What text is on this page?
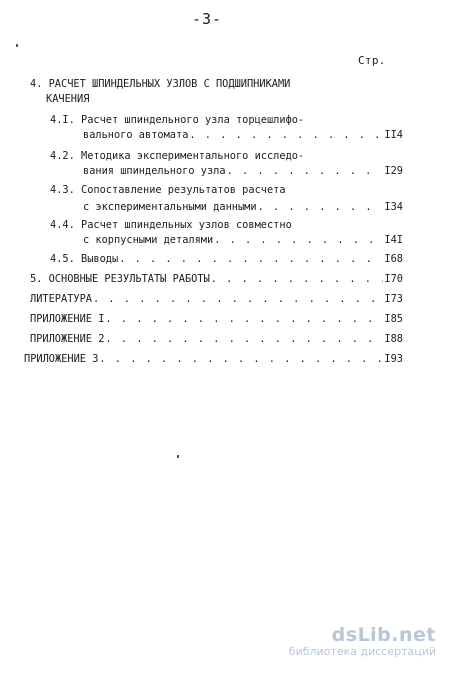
-3-
Стр.
4. РАСЧЕТ ШПИНДЕЛЬНЫХ УЗЛОВ С ПОДШИПНИКАМИ
КАЧЕНИЯ
4.I. Расчет шпиндельного узла торцешлифо-
вального автомата . . .	II4
4.2. Методика экспериментального исследо-
вания шпиндельного узла . . .	I29
4.3. Сопоставление результатов расчета
с экспериментальными данными . . .	I34
4.4. Расчет шпиндельных узлов совместно
с корпусными деталями . . .	I4I
4.5. Выводы . . .	I68
5. ОСНОВНЫЕ РЕЗУЛЬТАТЫ РАБОТЫ . . .	I70
ЛИТЕРАТУРА . . .	I73
ПРИЛОЖЕНИЕ I . . .	I85
ПРИЛОЖЕНИЕ 2 . . .	I88
ПРИЛОЖЕНИЕ 3 . . .	I93
dsLib.net
библиотека диссертаций
